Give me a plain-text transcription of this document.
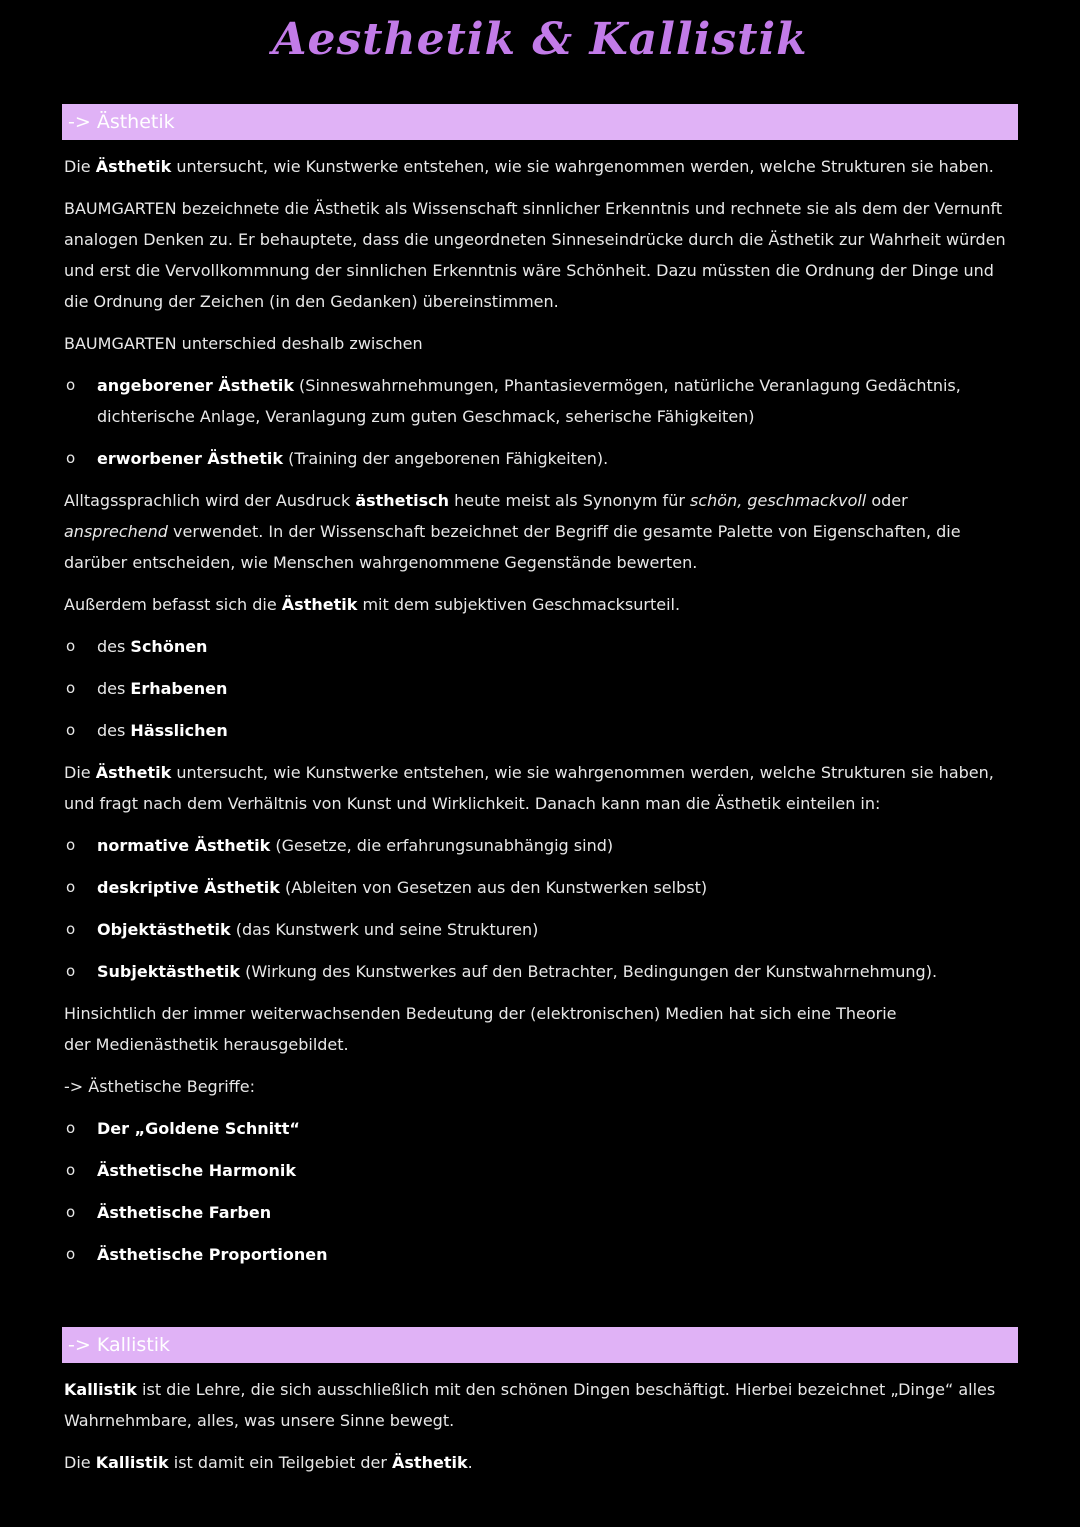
Aesthetik & Kallistik
-> Ästhetik

Die Ästhetik untersucht, wie Kunstwerke entstehen, wie sie wahrgenommen werden, welche Strukturen sie haben.

BAUMGARTEN bezeichnete die Ästhetik als Wissenschaft sinnlicher Erkenntnis und rechnete sie als dem der Vernunft analogen Denken zu. Er behauptete, dass die ungeordneten Sinneseindrücke durch die Ästhetik zur Wahrheit würden und erst die Vervollkommnung der sinnlichen Erkenntnis wäre Schönheit. Dazu müssten die Ordnung der Dinge und die Ordnung der Zeichen (in den Gedanken) übereinstimmen.

BAUMGARTEN unterschied deshalb zwischen

o angeborener Ästhetik (Sinneswahrnehmungen, Phantasievermögen, natürliche Veranlagung Gedächtnis, dichterische Anlage, Veranlagung zum guten Geschmack, seherische Fähigkeiten)
o erworbener Ästhetik (Training der angeborenen Fähigkeiten).

Alltagssprachlich wird der Ausdruck ästhetisch heute meist als Synonym für schön, geschmackvoll oder ansprechend verwendet. In der Wissenschaft bezeichnet der Begriff die gesamte Palette von Eigenschaften, die darüber entscheiden, wie Menschen wahrgenommene Gegenstände bewerten.

Außerdem befasst sich die Ästhetik mit dem subjektiven Geschmacksurteil.

o des Schönen
o des Erhabenen
o des Hässlichen

Die Ästhetik untersucht, wie Kunstwerke entstehen, wie sie wahrgenommen werden, welche Strukturen sie haben, und fragt nach dem Verhältnis von Kunst und Wirklichkeit. Danach kann man die Ästhetik einteilen in:

o normative Ästhetik (Gesetze, die erfahrungsunabhängig sind)
o deskriptive Ästhetik (Ableiten von Gesetzen aus den Kunstwerken selbst)
o Objektästhetik (das Kunstwerk und seine Strukturen)
o Subjektästhetik (Wirkung des Kunstwerkes auf den Betrachter, Bedingungen der Kunstwahrnehmung).

Hinsichtlich der immer weiterwachsenden Bedeutung der (elektronischen) Medien hat sich eine Theorie
der Medienästhetik herausgebildet.

-> Ästhetische Begriffe:

o Der „Goldene Schnitt“
o Ästhetische Harmonik
o Ästhetische Farben
o Ästhetische Proportionen
-> Kallistik

Kallistik ist die Lehre, die sich ausschließlich mit den schönen Dingen beschäftigt. Hierbei bezeichnet „Dinge“ alles Wahrnehmbare, alles, was unsere Sinne bewegt.

Die Kallistik ist damit ein Teilgebiet der Ästhetik.
